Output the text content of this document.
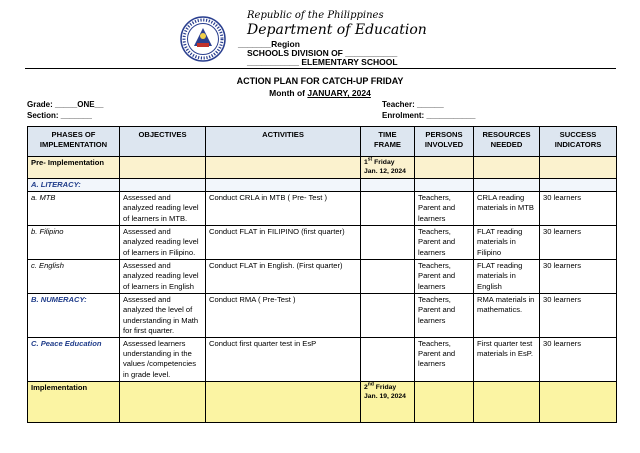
Republic of the Philippines
Department of Education
_______Region
SCHOOLS DIVISION OF ___________
___________ ELEMENTARY SCHOOL
ACTION PLAN FOR CATCH-UP FRIDAY
Month of JANUARY, 2024
Grade: _____ONE__
Section: _______
Teacher: ______
Enrolment: ___________
PHASES OF IMPLEMENTATION	OBJECTIVES	ACTIVITIES	TIME FRAME	PERSONS INVOLVED	RESOURCES NEEDED	SUCCESS INDICATORS
Pre- Implementation			1st Friday
Jan. 12, 2024			
A. LITERACY:						
a. MTB	Assessed and analyzed reading level of learners in MTB.	Conduct CRLA in MTB ( Pre- Test )		Teachers, Parent and learners	CRLA reading materials in MTB	30 learners
b. Filipino	Assessed and analyzed reading level of learners in Filipino.	Conduct FLAT in FILIPINO (first quarter)		Teachers, Parent and learners	FLAT reading materials in Filipino	30 learners
c. English	Assessed and analyzed reading level of learners in English	Conduct FLAT in English. (First quarter)		Teachers, Parent and learners	FLAT reading materials in English	30 learners
B. NUMERACY:	Assessed and analyzed the level of understanding in Math for first quarter.	Conduct RMA ( Pre-Test )		Teachers, Parent and learners	RMA materials in mathematics.	30 learners
C. Peace Education	Assessed learners understanding in the values /competencies in grade level.	Conduct first quarter test in EsP		Teachers, Parent and learners	First quarter test materials in EsP.	30 learners
Implementation			2nd Friday
Jan. 19, 2024			
